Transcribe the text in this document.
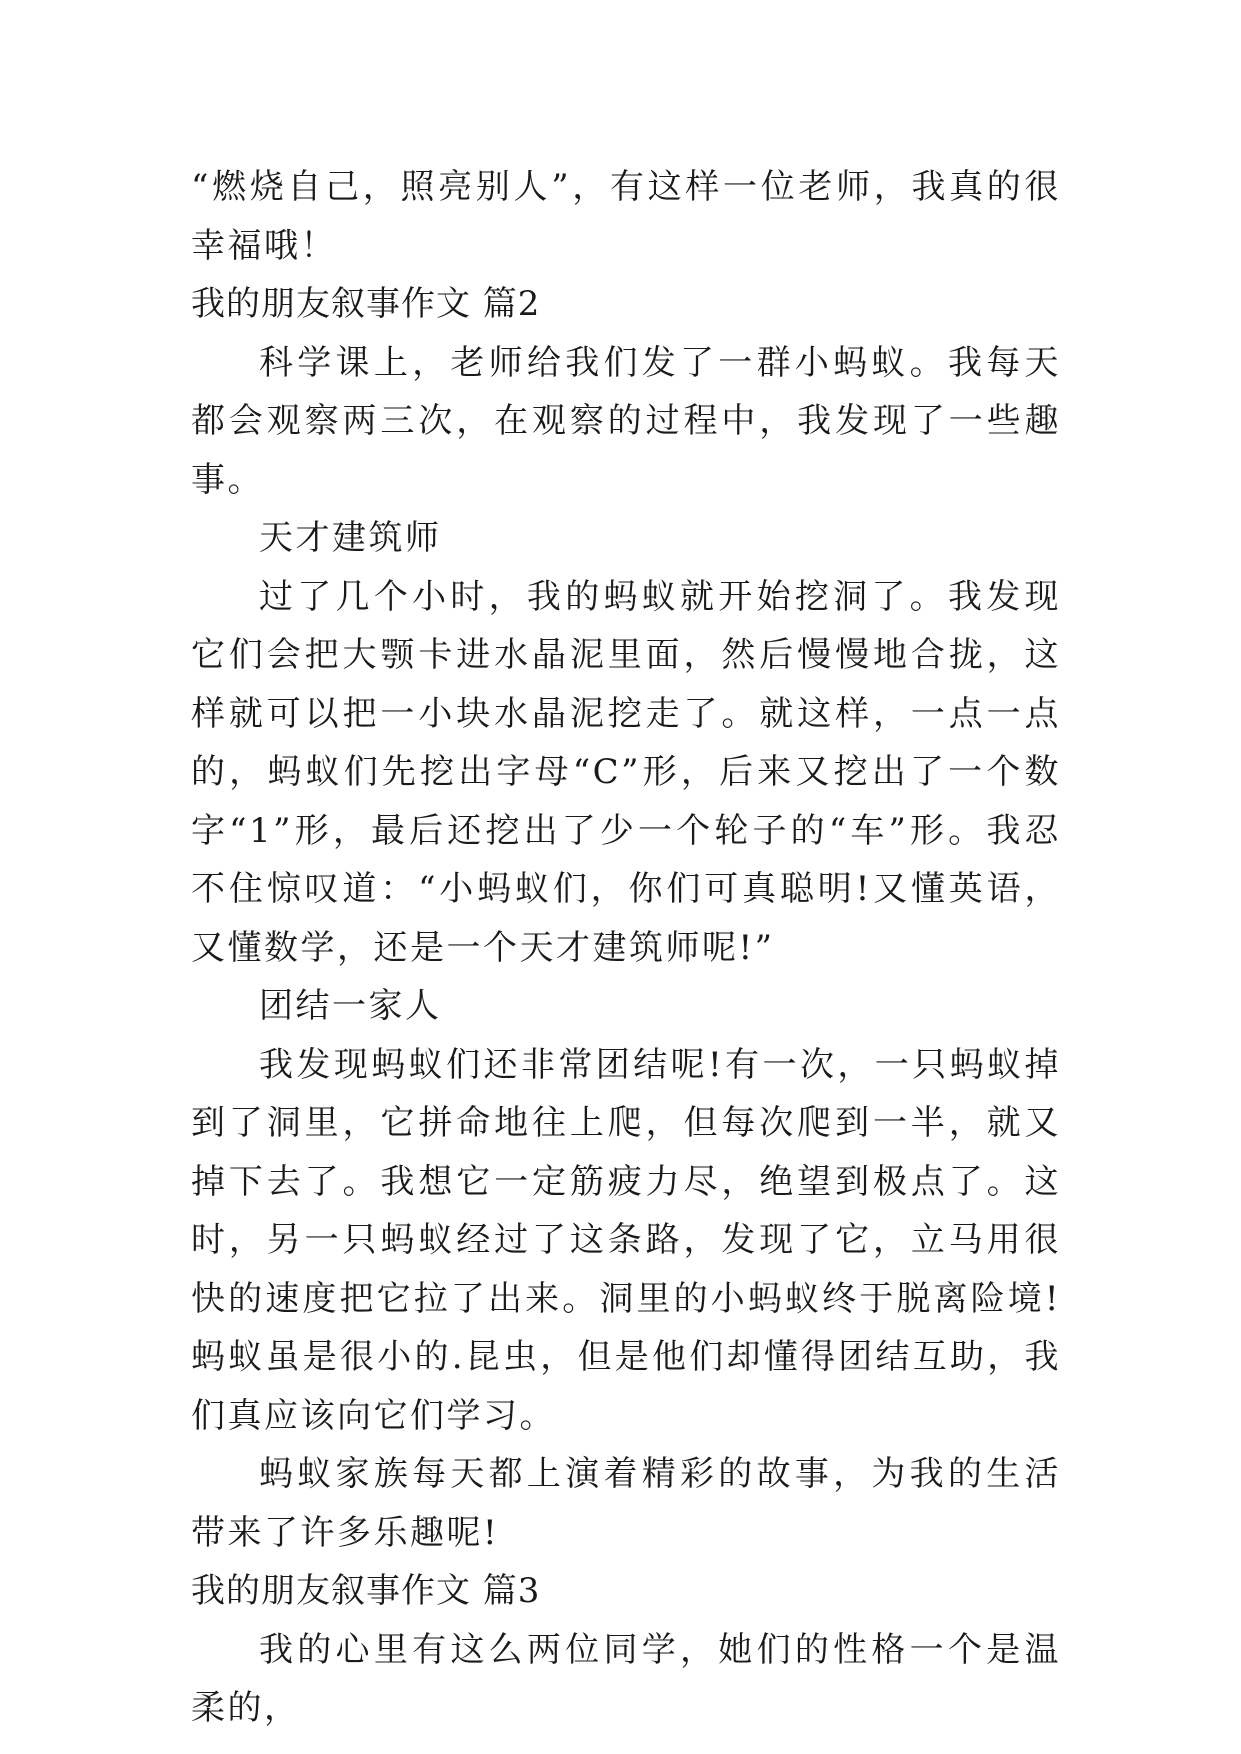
“燃烧自己，照亮别人”，有这样一位老师，我真的很幸福哦！

我的朋友叙事作文 篇2

科学课上，老师给我们发了一群小蚂蚁。我每天都会观察两三次，在观察的过程中，我发现了一些趣事。

天才建筑师

过了几个小时，我的蚂蚁就开始挖洞了。我发现它们会把大颚卡进水晶泥里面，然后慢慢地合拢，这样就可以把一小块水晶泥挖走了。就这样，一点一点的，蚂蚁们先挖出字母“C”形，后来又挖出了一个数字“1”形，最后还挖出了少一个轮子的“车”形。我忍不住惊叹道：“小蚂蚁们，你们可真聪明!又懂英语，又懂数学，还是一个天才建筑师呢!”

团结一家人

我发现蚂蚁们还非常团结呢!有一次，一只蚂蚁掉到了洞里，它拼命地往上爬，但每次爬到一半，就又掉下去了。我想它一定筋疲力尽，绝望到极点了。这时，另一只蚂蚁经过了这条路，发现了它，立马用很快的速度把它拉了出来。洞里的小蚂蚁终于脱离险境!蚂蚁虽是很小的.昆虫，但是他们却懂得团结互助，我们真应该向它们学习。

蚂蚁家族每天都上演着精彩的故事，为我的生活带来了许多乐趣呢!

我的朋友叙事作文 篇3

我的心里有这么两位同学，她们的性格一个是温柔的，
